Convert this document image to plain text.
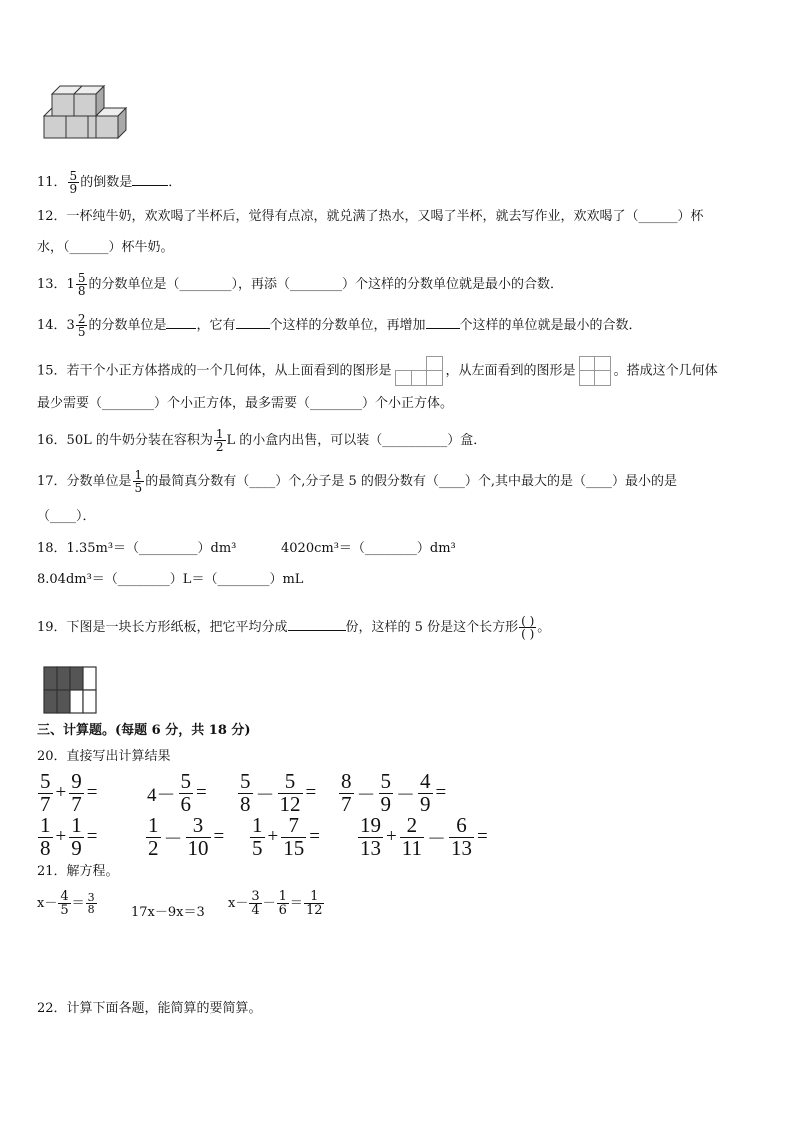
11． $\frac{5}{9}$ 的倒数是	．
12．一杯纯牛奶，欢欢喝了半杯后，觉得有点凉，就兑满了热水，又喝了半杯，就去写作业，欢欢喝了（______）杯
水，（______）杯牛奶。
13．$1 \frac{5}{8}$ 的分数单位是（________），再添（________）个这样的分数单位就是最小的合数．
14．$3 \frac{2}{5}$ 的分数单位是 ，它有	个这样的分数单位，再增加	个这样的单位就是最小的合数．
15．若干个小正方体搭成的一个几何体，从上面看到的图形是	，从左面看到的图形是	。搭成这个几何体
最少需要（________）个小正方体，最多需要（________）个小正方体。
16．50L 的牛奶分装在容积为 $\frac{1}{2}$ L 的小盒内出售，可以装（__________）盒．
17．分数单位是 $\frac{1}{5}$ 的最简真分数有（____）个,分子是 5 的假分数有（____）个,其中最大的是（____）最小的是
（____）．
18．1.35m³＝（_________）dm³	4020cm³＝（________）dm³
8.04dm³＝（________）L＝（________）mL
19．下图是一块长方形纸板，把它平均分成	份，这样的 5 份是这个长方形 $\frac{( )}{( )}$ 。
三、计算题。(每题 6 分，共 18 分)
20．直接写出计算结果
$\frac{5}{7} + \frac{9}{7}$ =	$4- \frac{5}{6} = \frac{5}{8} - \frac{5}{12} = \frac{8}{7} - \frac{5}{9} - \frac{4}{9}$ =
$\frac{1}{8} + \frac{1}{9} = \frac{1}{2} - \frac{3}{10} = \frac{1}{5} + \frac{7}{15} = \frac{19}{13} + \frac{2}{11} - \frac{6}{13}$ =
21．解方程。
$x- \frac{4}{5} = \frac{3}{8}$	17x－9x＝3
$x- \frac{3}{4} - \frac{1}{6} = \frac{1}{12}$
22．计算下面各题，能简算的要简算。
